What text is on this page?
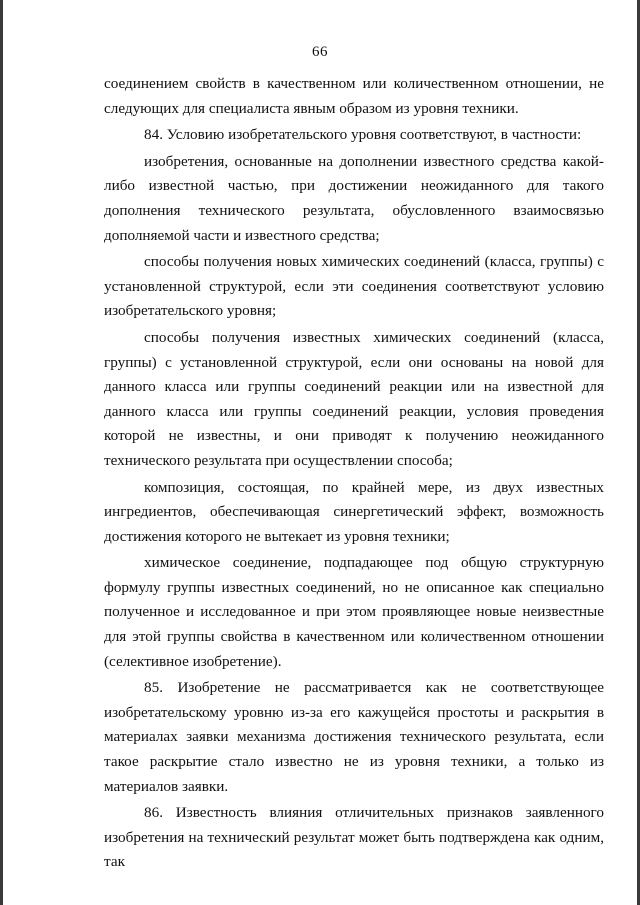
66

соединением свойств в качественном или количественном отношении, не следующих для специалиста явным образом из уровня техники.

84. Условию изобретательского уровня соответствуют, в частности:

изобретения, основанные на дополнении известного средства какой-либо известной частью, при достижении неожиданного для такого дополнения технического результата, обусловленного взаимосвязью дополняемой части и известного средства;

способы получения новых химических соединений (класса, группы) с установленной структурой, если эти соединения соответствуют условию изобретательского уровня;

способы получения известных химических соединений (класса, группы) с установленной структурой, если они основаны на новой для данного класса или группы соединений реакции или на известной для данного класса или группы соединений реакции, условия проведения которой не известны, и они приводят к получению неожиданного технического результата при осуществлении способа;

композиция, состоящая, по крайней мере, из двух известных ингредиентов, обеспечивающая синергетический эффект, возможность достижения которого не вытекает из уровня техники;

химическое соединение, подпадающее под общую структурную формулу группы известных соединений, но не описанное как специально полученное и исследованное и при этом проявляющее новые неизвестные для этой группы свойства в качественном или количественном отношении (селективное изобретение).

85. Изобретение не рассматривается как не соответствующее изобретательскому уровню из-за его кажущейся простоты и раскрытия в материалах заявки механизма достижения технического результата, если такое раскрытие стало известно не из уровня техники, а только из материалов заявки.

86. Известность влияния отличительных признаков заявленного изобретения на технический результат может быть подтверждена как одним, так
